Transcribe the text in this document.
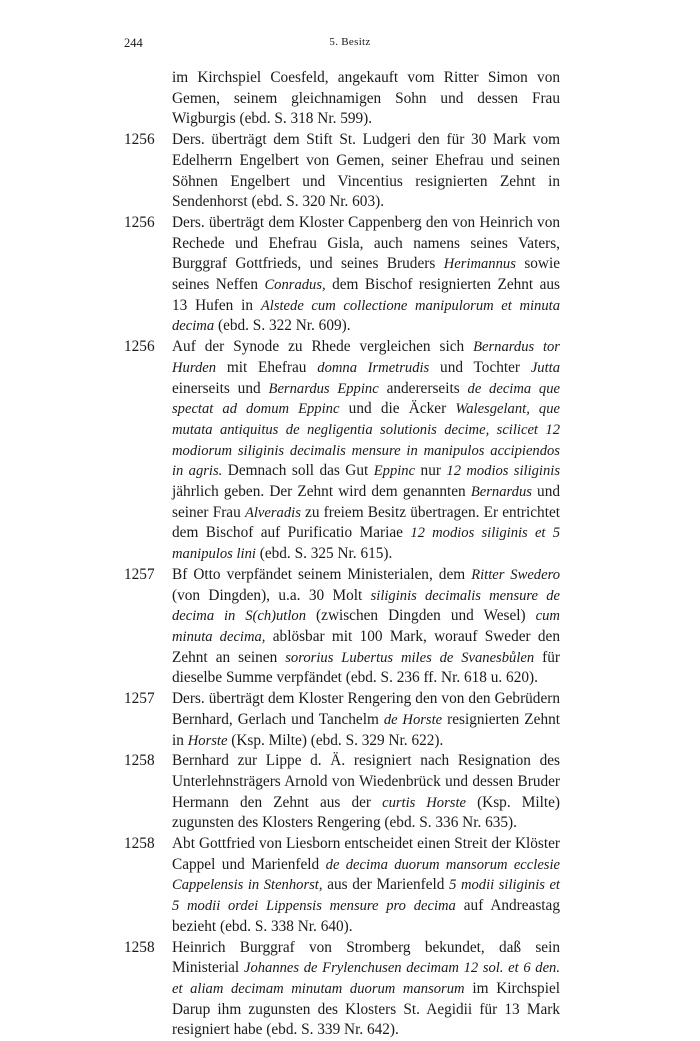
244	5. Besitz
im Kirchspiel Coesfeld, angekauft vom Ritter Simon von Gemen, seinem gleichnamigen Sohn und dessen Frau Wigburgis (ebd. S. 318 Nr. 599).
1256 Ders. überträgt dem Stift St. Ludgeri den für 30 Mark vom Edelherrn Engelbert von Gemen, seiner Ehefrau und seinen Söhnen Engelbert und Vincentius resignierten Zehnt in Sendenhorst (ebd. S. 320 Nr. 603).
1256 Ders. überträgt dem Kloster Cappenberg den von Heinrich von Rechede und Ehefrau Gisla, auch namens seines Vaters, Burggraf Gottfrieds, und seines Bruders Herimannus sowie seines Neffen Conradus, dem Bischof resignierten Zehnt aus 13 Hufen in Alstede cum collectione manipulorum et minuta decima (ebd. S. 322 Nr. 609).
1256 Auf der Synode zu Rhede vergleichen sich Bernardus tor Hurden mit Ehefrau domna Irmetrudis und Tochter Jutta einerseits und Bernardus Eppinc andererseits de decima que spectat ad domum Eppinc und die Äcker Walesgelant, que mutata antiquitus de negligentia solutionis decime, scilicet 12 modiorum siliginis decimalis mensure in manipulos accipiendos in agris. Demnach soll das Gut Eppinc nur 12 modios siliginis jährlich geben. Der Zehnt wird dem genannten Bernardus und seiner Frau Alveradis zu freiem Besitz übertragen. Er entrichtet dem Bischof auf Purificatio Mariae 12 modios siliginis et 5 manipulos lini (ebd. S. 325 Nr. 615).
1257 Bf Otto verpfändet seinem Ministerialen, dem Ritter Swedero (von Dingden), u.a. 30 Molt siliginis decimalis mensure de decima in S(ch)utlon (zwischen Dingden und Wesel) cum minuta decima, ablösbar mit 100 Mark, worauf Sweder den Zehnt an seinen sororius Lubertus miles de Svanesbůlen für dieselbe Summe verpfändet (ebd. S. 236 ff. Nr. 618 u. 620).
1257 Ders. überträgt dem Kloster Rengering den von den Gebrüdern Bernhard, Gerlach und Tanchelm de Horste resignierten Zehnt in Horste (Ksp. Milte) (ebd. S. 329 Nr. 622).
1258 Bernhard zur Lippe d. Ä. resigniert nach Resignation des Unterlehnsträgers Arnold von Wiedenbrück und dessen Bruder Hermann den Zehnt aus der curtis Horste (Ksp. Milte) zugunsten des Klosters Rengering (ebd. S. 336 Nr. 635).
1258 Abt Gottfried von Liesborn entscheidet einen Streit der Klöster Cappel und Marienfeld de decima duorum mansorum ecclesie Cappelensis in Stenhorst, aus der Marienfeld 5 modii siliginis et 5 modii ordei Lippensis mensure pro decima auf Andreastag bezieht (ebd. S. 338 Nr. 640).
1258 Heinrich Burggraf von Stromberg bekundet, daß sein Ministerial Johannes de Frylenchusen decimam 12 sol. et 6 den. et aliam decimam minutam duorum mansorum im Kirchspiel Darup ihm zugunsten des Klosters St. Aegidii für 13 Mark resigniert habe (ebd. S. 339 Nr. 642).
